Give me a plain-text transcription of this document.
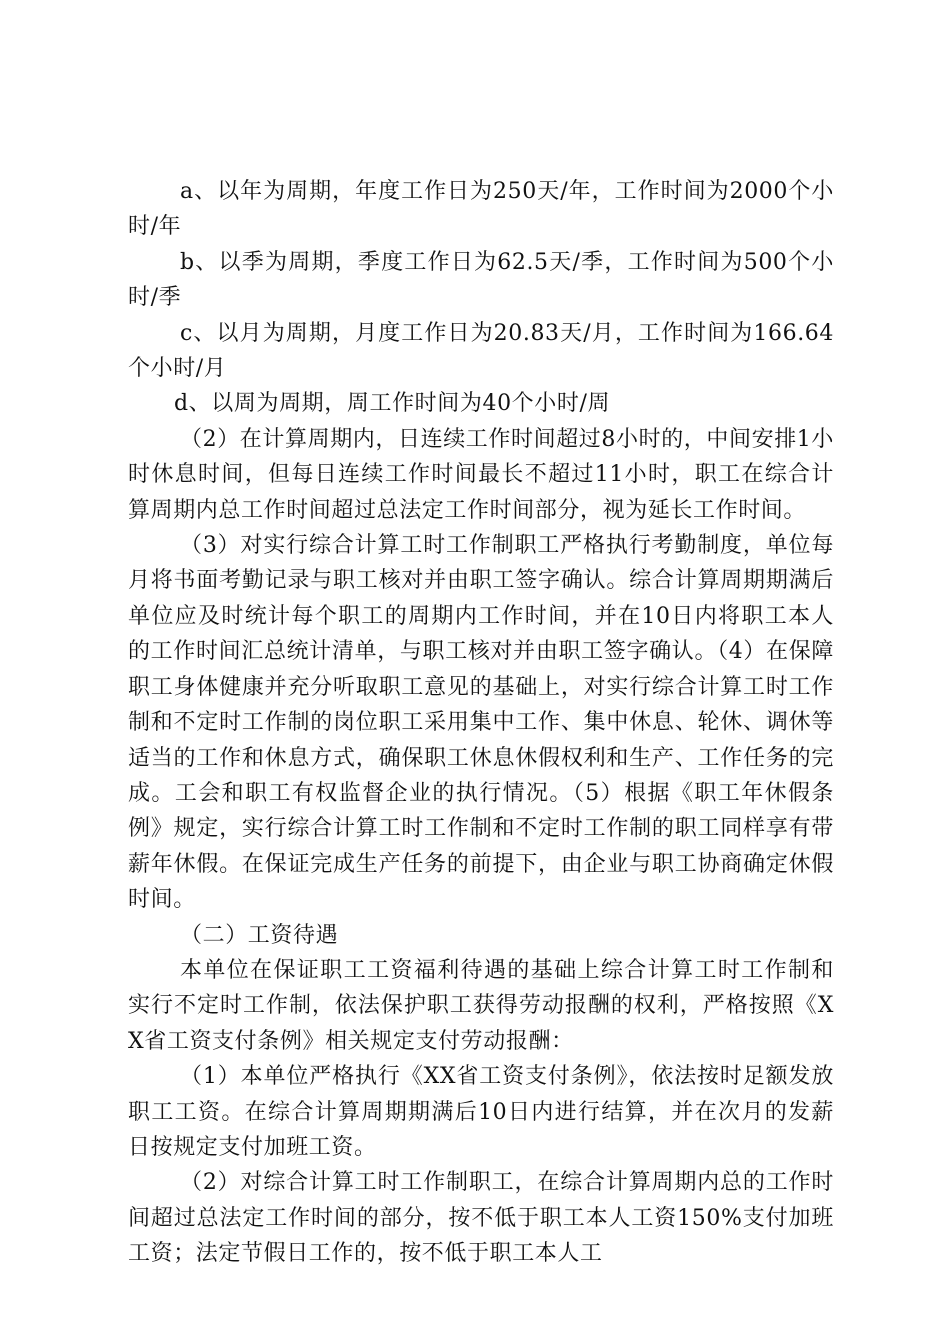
a、以年为周期，年度工作日为250天/年，工作时间为2000个小时/年

b、以季为周期，季度工作日为62.5天/季，工作时间为500个小时/季

c、以月为周期，月度工作日为20.83天/月，工作时间为166.64个小时/月

d、以周为周期，周工作时间为40个小时/周

（2）在计算周期内，日连续工作时间超过8小时的，中间安排1小时休息时间，但每日连续工作时间最长不超过11小时，职工在综合计算周期内总工作时间超过总法定工作时间部分，视为延长工作时间。

（3）对实行综合计算工时工作制职工严格执行考勤制度，单位每月将书面考勤记录与职工核对并由职工签字确认。综合计算周期期满后单位应及时统计每个职工的周期内工作时间，并在10日内将职工本人的工作时间汇总统计清单，与职工核对并由职工签字确认。（4）在保障职工身体健康并充分听取职工意见的基础上，对实行综合计算工时工作制和不定时工作制的岗位职工采用集中工作、集中休息、轮休、调休等适当的工作和休息方式，确保职工休息休假权利和生产、工作任务的完成。工会和职工有权监督企业的执行情况。（5）根据《职工年休假条例》规定，实行综合计算工时工作制和不定时工作制的职工同样享有带薪年休假。在保证完成生产任务的前提下，由企业与职工协商确定休假时间。

（二）工资待遇

本单位在保证职工工资福利待遇的基础上综合计算工时工作制和实行不定时工作制，依法保护职工获得劳动报酬的权利，严格按照《XX省工资支付条例》相关规定支付劳动报酬：

（1）本单位严格执行《XX省工资支付条例》，依法按时足额发放职工工资。在综合计算周期期满后10日内进行结算，并在次月的发薪日按规定支付加班工资。

（2）对综合计算工时工作制职工，在综合计算周期内总的工作时间超过总法定工作时间的部分，按不低于职工本人工资150%支付加班工资；法定节假日工作的，按不低于职工本人工
